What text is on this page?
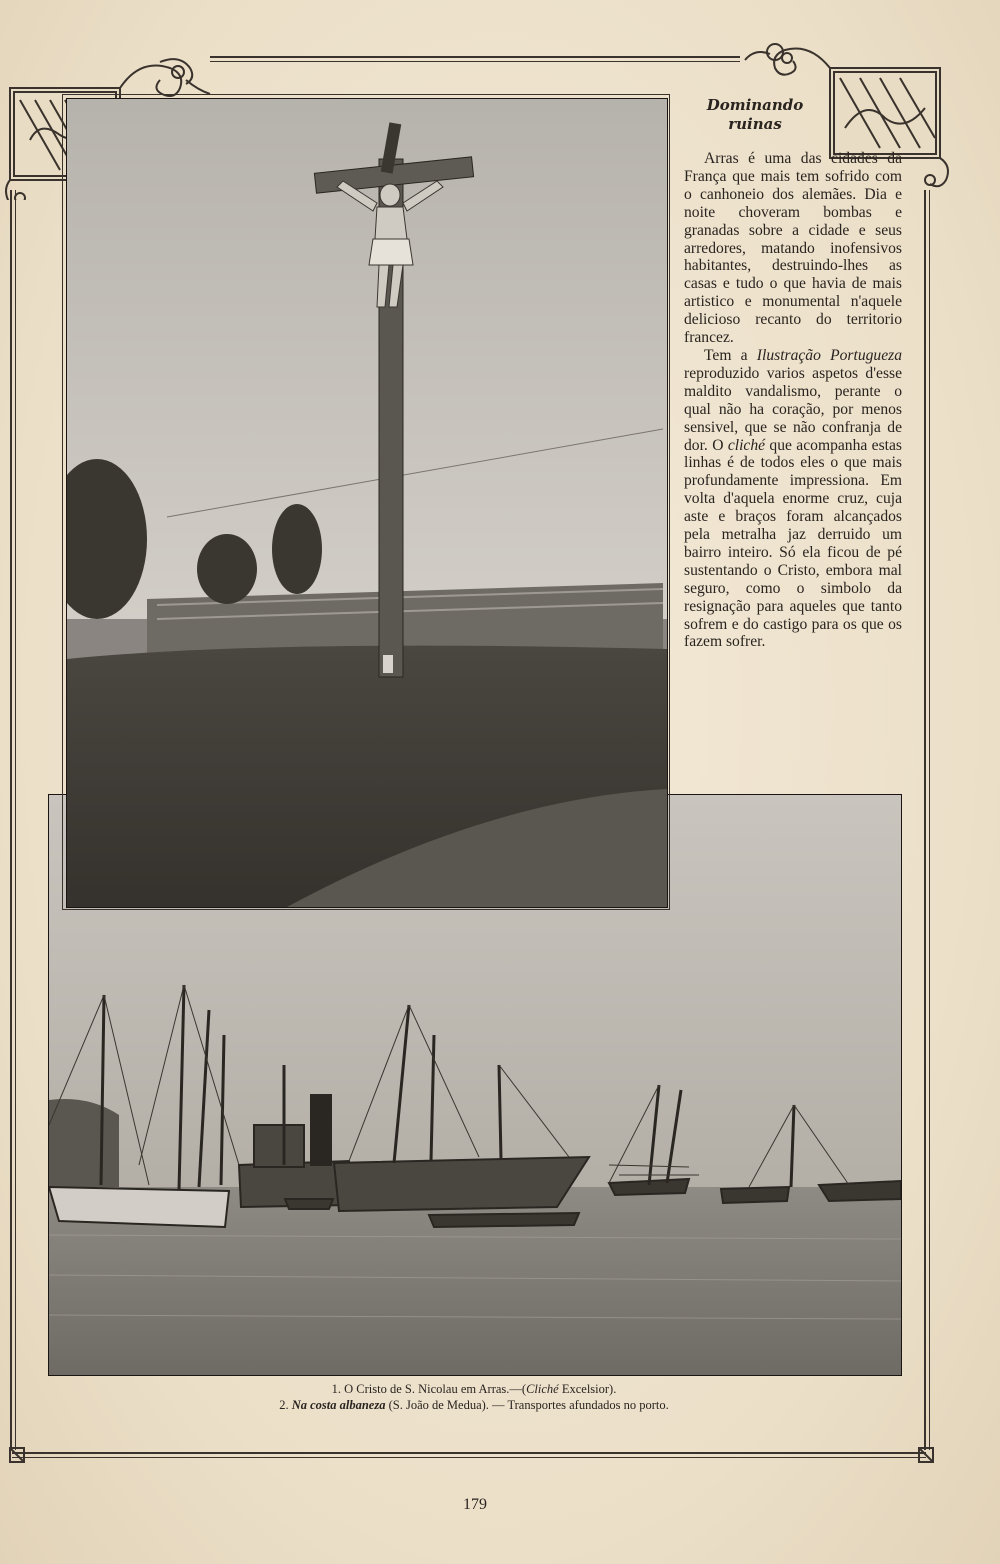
Dominando
ruinas

Arras é uma das cidades da França que mais tem sofrido com o canhoneio dos alemães. Dia e noite choveram bombas e granadas sobre a cidade e seus arredores, matando inofensivos habitantes, destruindo-lhes as casas e tudo o que havia de mais artistico e monumental n'aquele delicioso recanto do territorio francez.

Tem a Ilustração Portugueza reproduzido varios aspetos d'esse maldito vandalismo, perante o qual não ha coração, por menos sensivel, que se não confranja de dor. O cliché que acompanha estas linhas é de todos eles o que mais profundamente impressiona. Em volta d'aquela enorme cruz, cuja aste e braços foram alcançados pela metralha jaz derruido um bairro inteiro. Só ela ficou de pé sustentando o Cristo, embora mal seguro, como o simbolo da resignação para aqueles que tanto sofrem e do castigo para os que os fazem sofrer.

1. O Cristo de S. Nicolau em Arras.—(Cliché Excelsior).
2. Na costa albaneza (S. João de Medua). — Transportes afundados no porto.
179
